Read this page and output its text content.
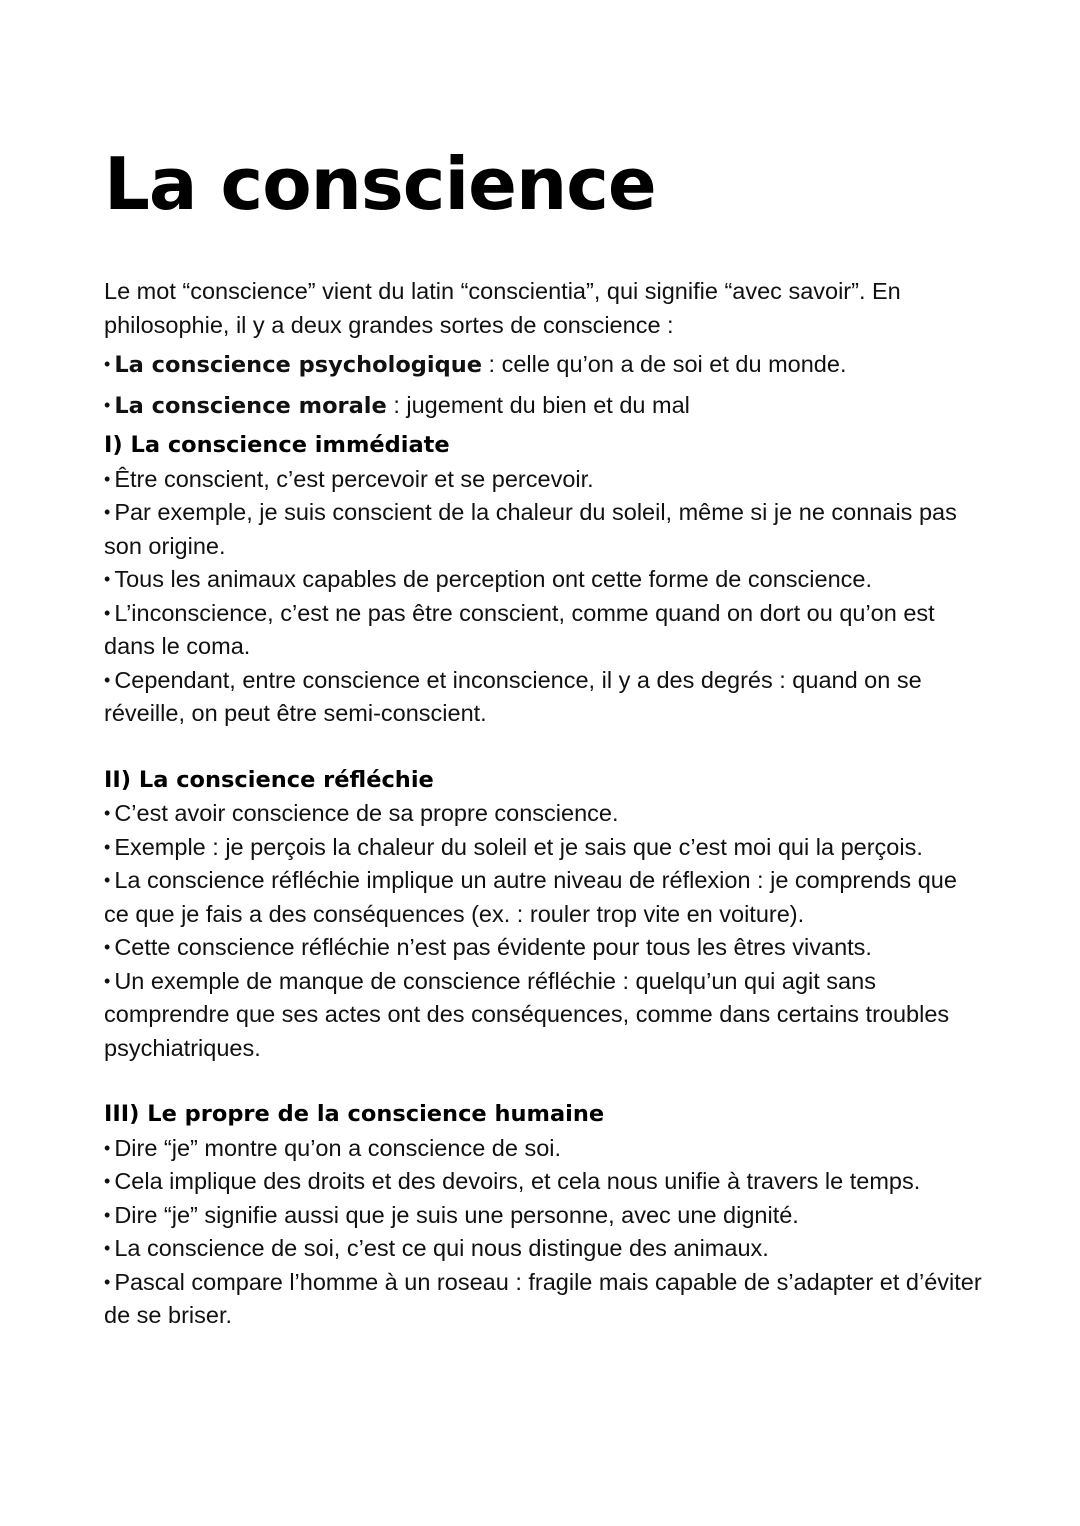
La conscience

Le mot “conscience” vient du latin “conscientia”, qui signifie “avec savoir”. En philosophie, il y a deux grandes sortes de conscience :

• La conscience psychologique : celle qu’on a de soi et du monde.

• La conscience morale : jugement du bien et du mal

I) La conscience immédiate

• Être conscient, c’est percevoir et se percevoir.

• Par exemple, je suis conscient de la chaleur du soleil, même si je ne connais pas son origine.

• Tous les animaux capables de perception ont cette forme de conscience.

• L’inconscience, c’est ne pas être conscient, comme quand on dort ou qu’on est dans le coma.

• Cependant, entre conscience et inconscience, il y a des degrés : quand on se réveille, on peut être semi-conscient.

II) La conscience réfléchie

• C’est avoir conscience de sa propre conscience.

• Exemple : je perçois la chaleur du soleil et je sais que c’est moi qui la perçois.

• La conscience réfléchie implique un autre niveau de réflexion : je comprends que ce que je fais a des conséquences (ex. : rouler trop vite en voiture).

• Cette conscience réfléchie n’est pas évidente pour tous les êtres vivants.

• Un exemple de manque de conscience réfléchie : quelqu’un qui agit sans comprendre que ses actes ont des conséquences, comme dans certains troubles psychiatriques.

III) Le propre de la conscience humaine

• Dire “je” montre qu’on a conscience de soi.

• Cela implique des droits et des devoirs, et cela nous unifie à travers le temps.

• Dire “je” signifie aussi que je suis une personne, avec une dignité.

• La conscience de soi, c’est ce qui nous distingue des animaux.

• Pascal compare l’homme à un roseau : fragile mais capable de s’adapter et d’éviter de se briser.
